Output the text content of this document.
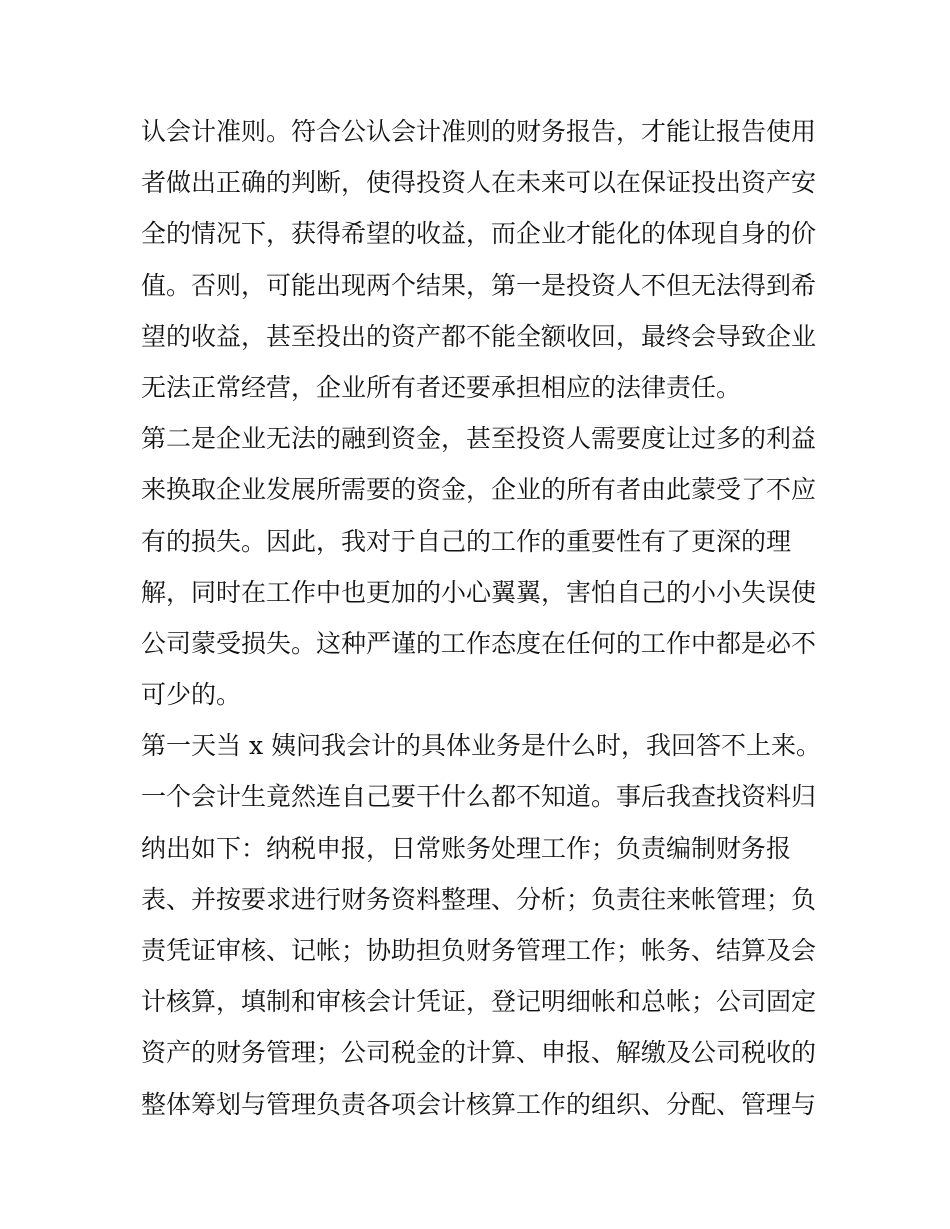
认会计准则。符合公认会计准则的财务报告，才能让报告使用
者做出正确的判断，使得投资人在未来可以在保证投出资产安
全的情况下，获得希望的收益，而企业才能化的体现自身的价
值。否则，可能出现两个结果，第一是投资人不但无法得到希
望的收益，甚至投出的资产都不能全额收回，最终会导致企业
无法正常经营，企业所有者还要承担相应的法律责任。
第二是企业无法的融到资金，甚至投资人需要度让过多的利益
来换取企业发展所需要的资金，企业的所有者由此蒙受了不应
有的损失。因此，我对于自己的工作的重要性有了更深的理
解，同时在工作中也更加的小心翼翼，害怕自己的小小失误使
公司蒙受损失。这种严谨的工作态度在任何的工作中都是必不
可少的。
第一天当 x 姨问我会计的具体业务是什么时，我回答不上来。
一个会计生竟然连自己要干什么都不知道。事后我查找资料归
纳出如下：纳税申报，日常账务处理工作；负责编制财务报
表、并按要求进行财务资料整理、分析；负责往来帐管理；负
责凭证审核、记帐；协助担负财务管理工作；帐务、结算及会
计核算，填制和审核会计凭证，登记明细帐和总帐；公司固定
资产的财务管理；公司税金的计算、申报、解缴及公司税收的
整体筹划与管理负责各项会计核算工作的组织、分配、管理与
